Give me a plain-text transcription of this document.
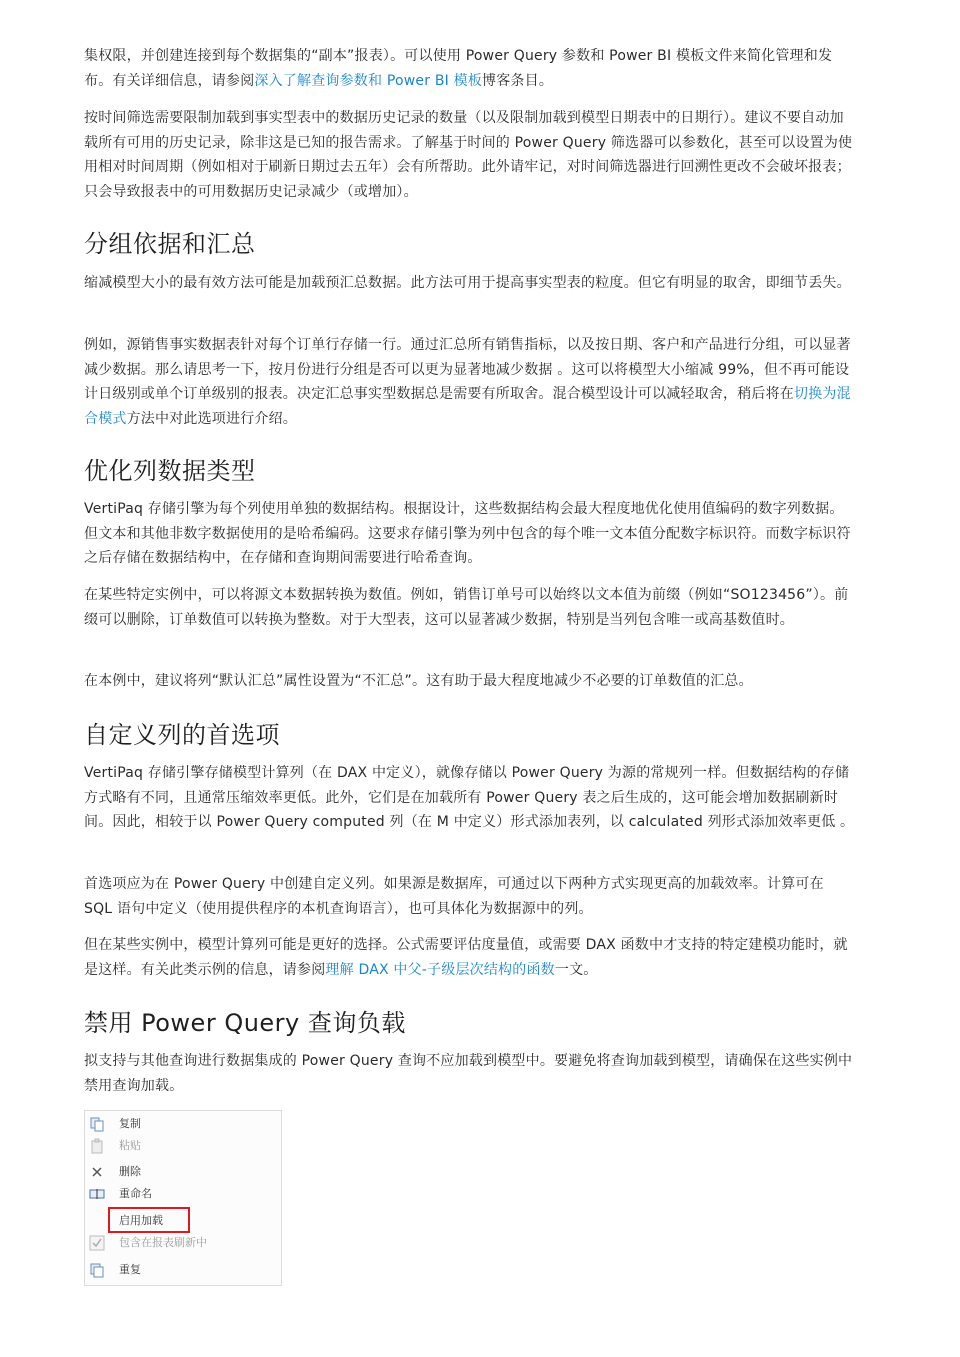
集权限，并创建连接到每个数据集的“副本”报表）。可以使用 Power Query 参数和 Power BI 模板文件来简化管理和发布。有关详细信息，请参阅深入了解查询参数和 Power BI 模板博客条目。

按时间筛选需要限制加载到事实型表中的数据历史记录的数量（以及限制加载到模型日期表中的日期行）。建议不要自动加载所有可用的历史记录，除非这是已知的报告需求。了解基于时间的 Power Query 筛选器可以参数化，甚至可以设置为使用相对时间周期（例如相对于刷新日期过去五年）会有所帮助。此外请牢记，对时间筛选器进行回溯性更改不会破坏报表；只会导致报表中的可用数据历史记录减少（或增加）。

分组依据和汇总

缩减模型大小的最有效方法可能是加载预汇总数据。此方法可用于提高事实型表的粒度。但它有明显的取舍，即细节丢失。

例如，源销售事实数据表针对每个订单行存储一行。通过汇总所有销售指标，以及按日期、客户和产品进行分组，可以显著减少数据。那么请思考一下，按月份进行分组是否可以更为显著地减少数据 。这可以将模型大小缩减 99%，但不再可能设计日级别或单个订单级别的报表。决定汇总事实型数据总是需要有所取舍。混合模型设计可以减轻取舍，稍后将在切换为混合模式方法中对此选项进行介绍。

优化列数据类型

VertiPaq 存储引擎为每个列使用单独的数据结构。根据设计，这些数据结构会最大程度地优化使用值编码的数字列数据。但文本和其他非数字数据使用的是哈希编码。这要求存储引擎为列中包含的每个唯一文本值分配数字标识符。而数字标识符之后存储在数据结构中，在存储和查询期间需要进行哈希查询。

在某些特定实例中，可以将源文本数据转换为数值。例如，销售订单号可以始终以文本值为前缀（例如“SO123456”）。前缀可以删除，订单数值可以转换为整数。对于大型表，这可以显著减少数据，特别是当列包含唯一或高基数值时。

在本例中，建议将列“默认汇总”属性设置为“不汇总”。这有助于最大程度地减少不必要的订单数值的汇总。

自定义列的首选项

VertiPaq 存储引擎存储模型计算列（在 DAX 中定义），就像存储以 Power Query 为源的常规列一样。但数据结构的存储方式略有不同，且通常压缩效率更低。此外，它们是在加载所有 Power Query 表之后生成的，这可能会增加数据刷新时间。因此，相较于以 Power Query computed 列（在 M 中定义）形式添加表列，以 calculated 列形式添加效率更低 。

首选项应为在 Power Query 中创建自定义列。如果源是数据库，可通过以下两种方式实现更高的加载效率。计算可在 SQL 语句中定义（使用提供程序的本机查询语言），也可具体化为数据源中的列。

但在某些实例中，模型计算列可能是更好的选择。公式需要评估度量值，或需要 DAX 函数中才支持的特定建模功能时，就是这样。有关此类示例的信息，请参阅理解 DAX 中父-子级层次结构的函数一文。

禁用 Power Query 查询负载

拟支持与其他查询进行数据集成的 Power Query 查询不应加载到模型中。要避免将查询加载到模型，请确保在这些实例中禁用查询加载。

复制
粘贴
删除
重命名
启用加载
包含在报表刷新中
重复
